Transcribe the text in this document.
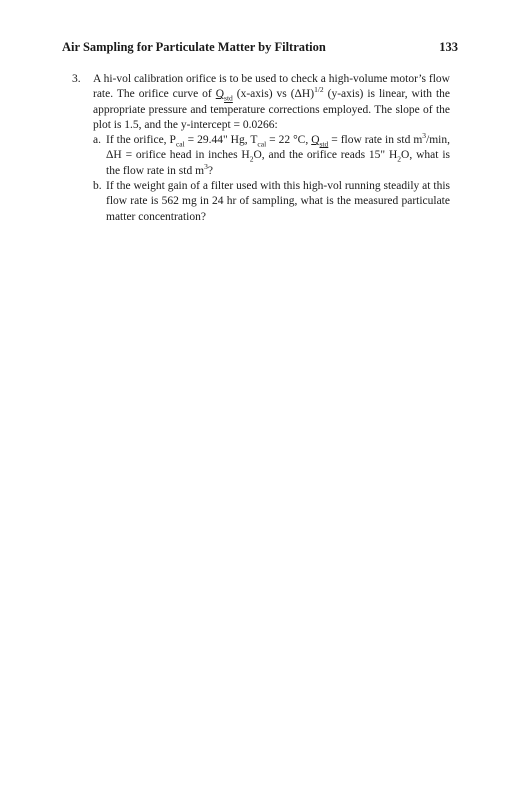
Air Sampling for Particulate Matter by Filtration	133
3. A hi-vol calibration orifice is to be used to check a high-volume motor’s flow rate. The orifice curve of $Q_{std}$ (x-axis) vs $(\Delta H)^{1/2}$ (y-axis) is linear, with the appropriate pressure and temperature corrections employed. The slope of the plot is 1.5, and the y-intercept = 0.0266:
a. If the orifice, $P_{cal} = 29.44$" Hg, $T_{cal} = 22$ °C, $Q_{std}$ = flow rate in std $m^3/\min$, ΔH = orifice head in inches $H_2O$, and the orifice reads 15" $H_2O$, what is the flow rate in std $m^3$?
b. If the weight gain of a filter used with this high-vol running steadily at this flow rate is 562 mg in 24 hr of sampling, what is the measured particulate matter concentration?
